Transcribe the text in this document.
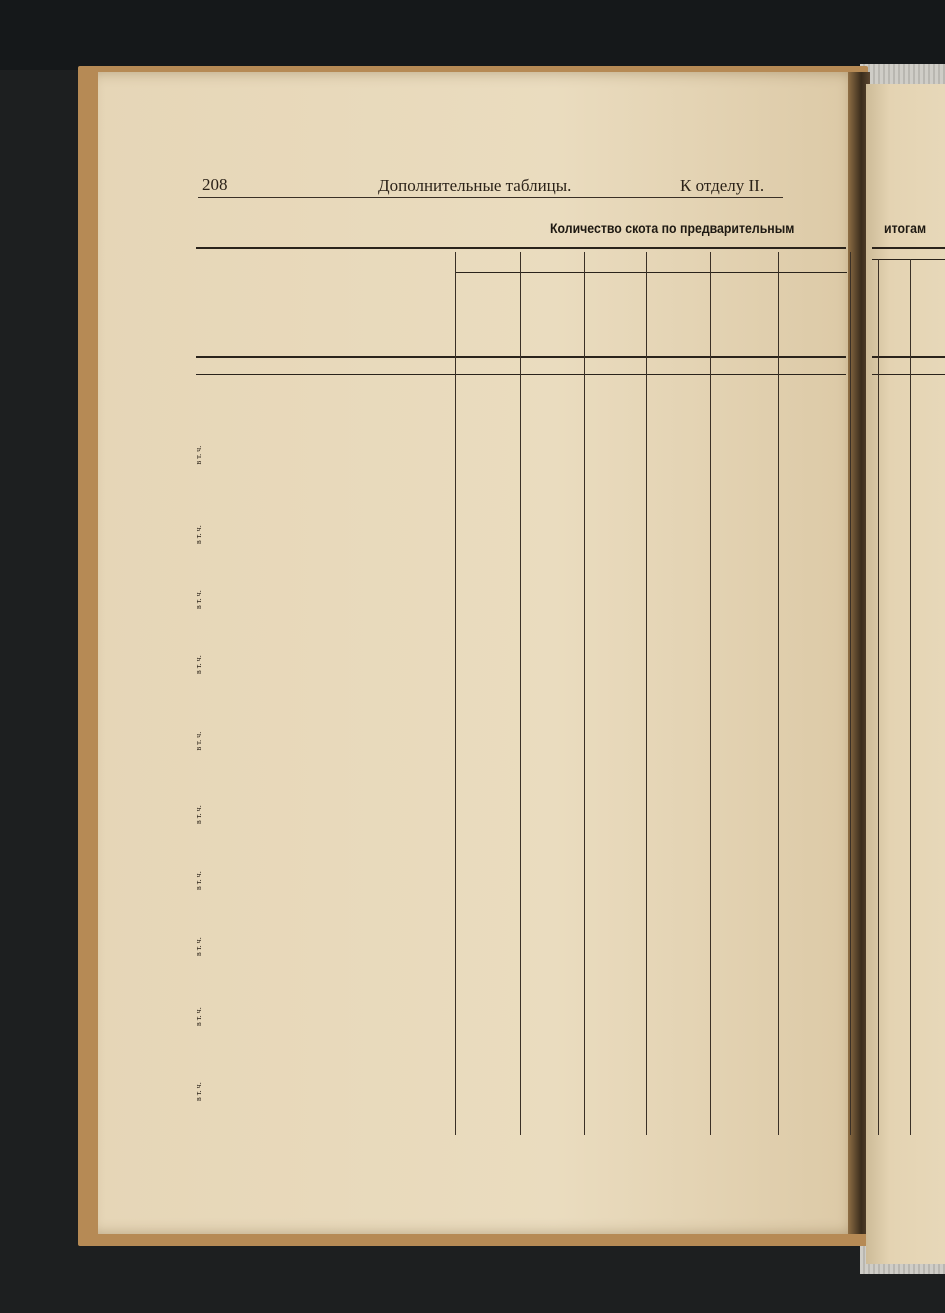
208	Дополнительные таблицы.	К отделу II.
Количество скота по предварительным	итогам
в т. ч.
в т. ч.
в т. ч.
в т. ч.
в т. ч.
в т. ч.
в т. ч.
в т. ч.
в т. ч.
в т. ч.
